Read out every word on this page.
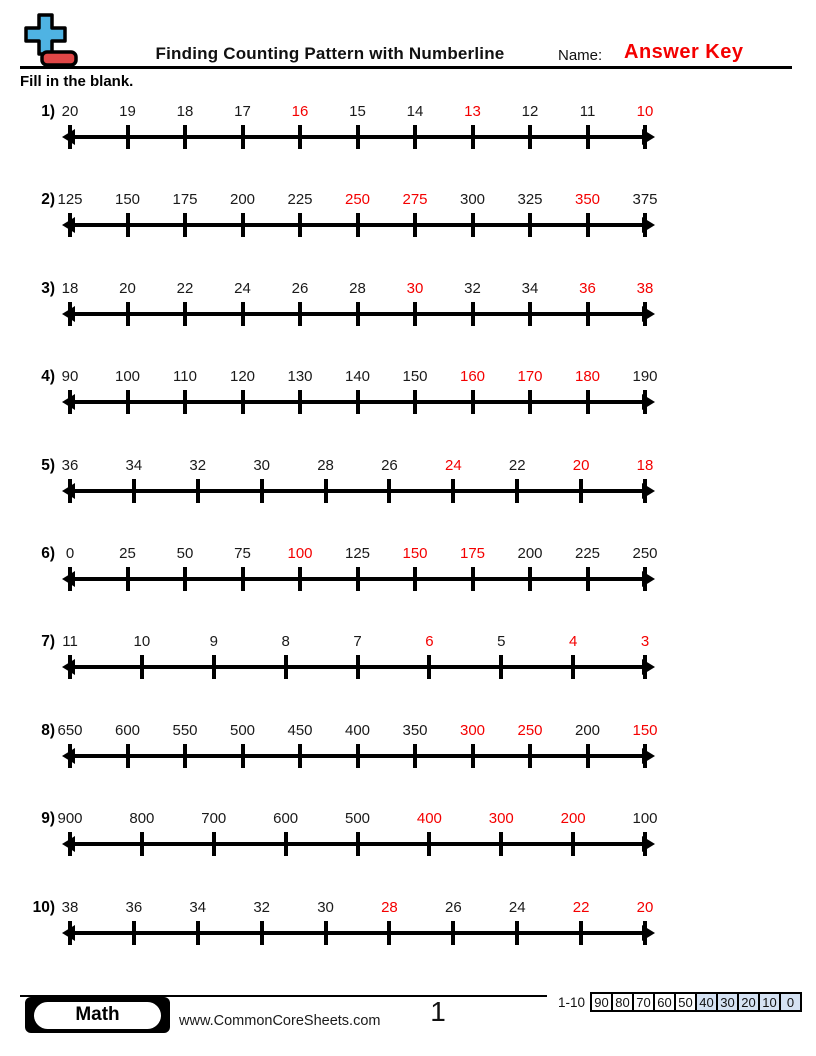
Finding Counting Pattern with Numberline	Name: Answer Key
Fill in the blank.
1) 20	19	18	17	16	15	14	13	12	11	10
2) 125 150 175 200 225 250 275 300 325 350 375
3) 18	20	22	24	26	28	30	32	34	36	38
4) 90 100 110 120 130 140 150 160 170 180 190
5) 36	34	32	30	28	26	24	22	20	18
6) 0	25	50	75 100 125 150 175 200 225 250
7) 11	10	9	8	7	6	5	4	3
8) 650 600 550 500 450 400 350 300 250 200 150
9) 900	800	700	600	500	400	300	200	100
10) 38	36	34	32	30	28	26	24	22	20
Math	www.CommonCoreSheets.com	1	1-10 90 80 70 60 50 40 30 20 10 0
